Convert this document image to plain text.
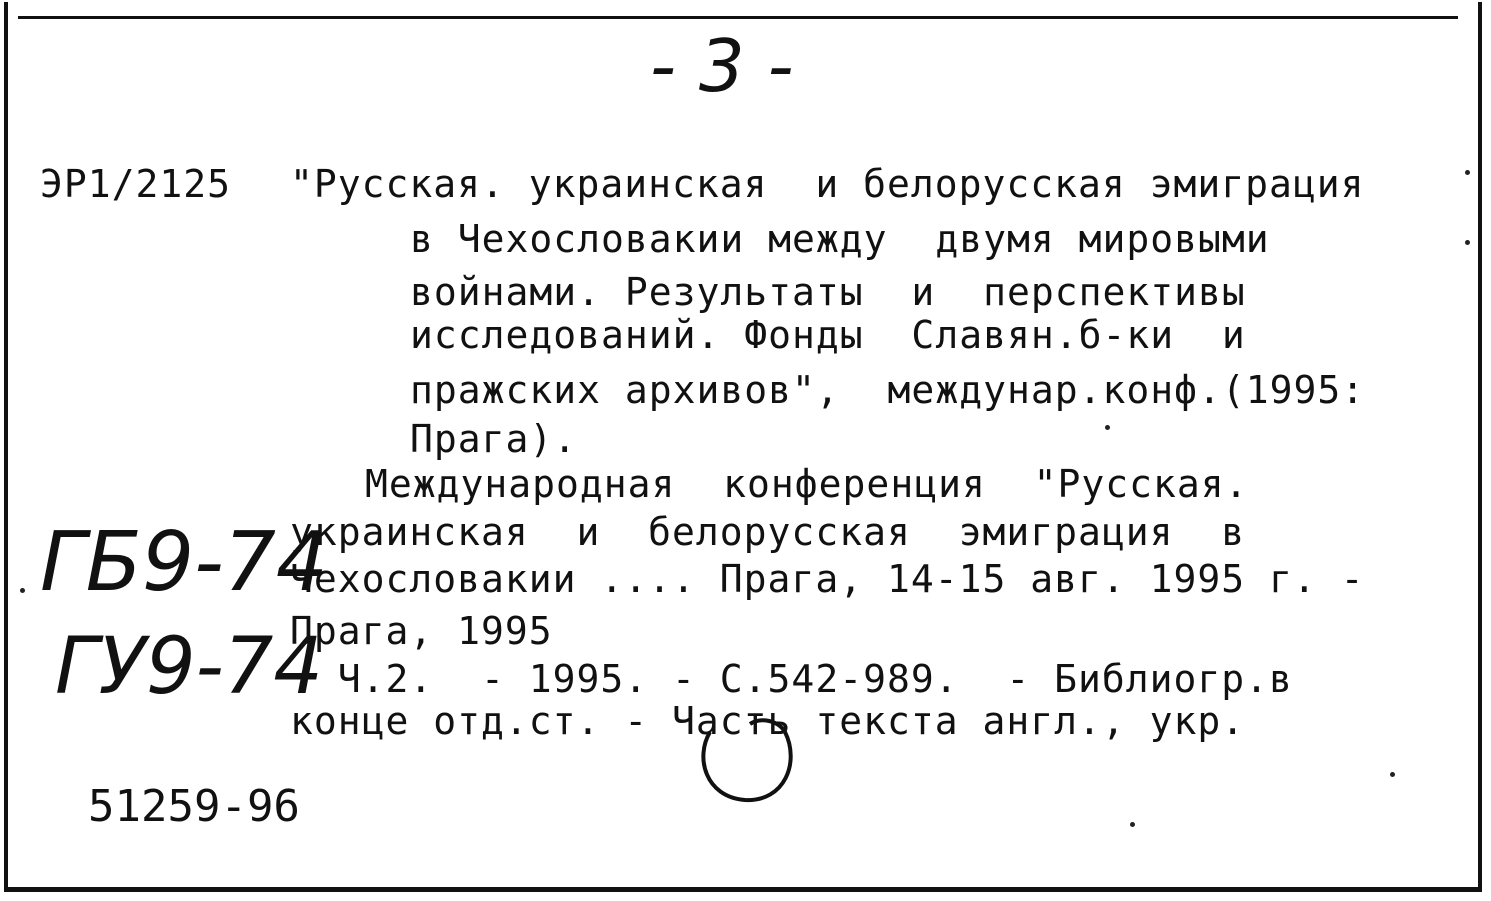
- 3 -
ЭР1/2125 "Русская. украинская  и белорусская эмиграция
в Чехословакии между  двумя мировыми
войнами. Результаты  и  перспективы
исследований. Фонды  Славян.б-ки  и
пражских архивов",  междунар.конф.(1995:
Прага).
Международная  конференция  "Русская.
украинская  и  белорусская  эмиграция  в
Чехословакии .... Прага, 14-15 авг. 1995 г. -
Прага, 1995
Ч.2.  - 1995. - С.542-989.  - Библиогр.в
конце отд.ст. - Часть текста англ., укр.
ГБ9-74
ГУ9-74
51259-96
